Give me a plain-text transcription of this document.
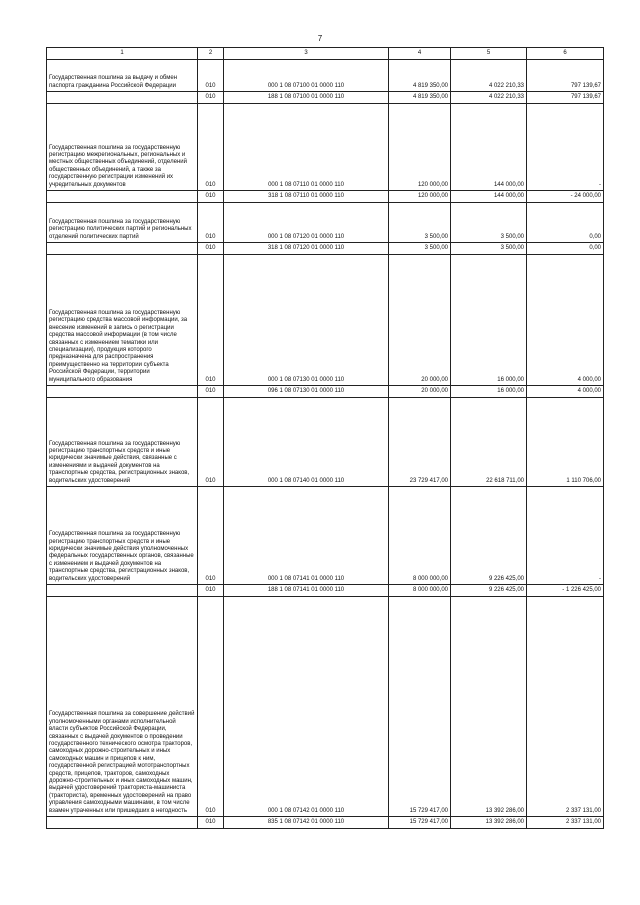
7
1	2	3	4	5	6
Государственная пошлина за выдачу и обмен паспорта гражданина Российской Федерации	010	000 1 08 07100 01 0000 110	4 819 350,00	4 022 210,33	797 139,67
	010	188 1 08 07100 01 0000 110	4 819 350,00	4 022 210,33	797 139,67
Государственная пошлина за государственную регистрацию межрегиональных, региональных и местных общественных объединений, отделений общественных объединений, а также за государственную регистрации изменений их учредительных документов	010	000 1 08 07110 01 0000 110	120 000,00	144 000,00	-
	010	318 1 08 07110 01 0000 110	120 000,00	144 000,00	- 24 000,00
Государственная пошлина за государственную регистрацию политических партий и региональных отделений политических партий	010	000 1 08 07120 01 0000 110	3 500,00	3 500,00	0,00
	010	318 1 08 07120 01 0000 110	3 500,00	3 500,00	0,00
Государственная пошлина за государственную регистрацию средства массовой информации, за внесение изменений в запись о регистрации средства массовой информации (в том числе связанных с изменением тематики или специализации), продукция которого предназначена для распространения преимущественно на территории субъекта Российской Федерации, территории муниципального образования	010	000 1 08 07130 01 0000 110	20 000,00	16 000,00	4 000,00
	010	096 1 08 07130 01 0000 110	20 000,00	16 000,00	4 000,00
Государственная пошлина за государственную регистрацию транспортных средств и иные юридически значимые действия, связанные с изменениями и выдачей документов на транспортные средства, регистрационных знаков, водительских удостоверений	010	000 1 08 07140 01 0000 110	23 729 417,00	22 618 711,00	1 110 706,00
Государственная пошлина за государственную регистрацию транспортных средств и иные юридически значимые действия уполномоченных федеральных государственных органов, связанные с изменением и выдачей документов на транспортные средства, регистрационных знаков, водительских удостоверений	010	000 1 08 07141 01 0000 110	8 000 000,00	9 226 425,00	-
	010	188 1 08 07141 01 0000 110	8 000 000,00	9 226 425,00	- 1 226 425,00
Государственная пошлина за совершение действий уполномоченными органами исполнительной власти субъектов Российской Федерации, связанных с выдачей документов о проведении государственного технического осмотра тракторов, самоходных дорожно-строительных и иных самоходных машин и прицепов к ним, государственной регистрацией мототранспортных средств, прицепов, тракторов, самоходных дорожно-строительных и иных самоходных машин, выдачей удостоверений тракториста-машиниста (тракториста), временных удостоверений на право управления самоходными машинами, в том числе взамен утраченных или пришедших в негодность	010	000 1 08 07142 01 0000 110	15 729 417,00	13 392 286,00	2 337 131,00
	010	835 1 08 07142 01 0000 110	15 729 417,00	13 392 286,00	2 337 131,00
